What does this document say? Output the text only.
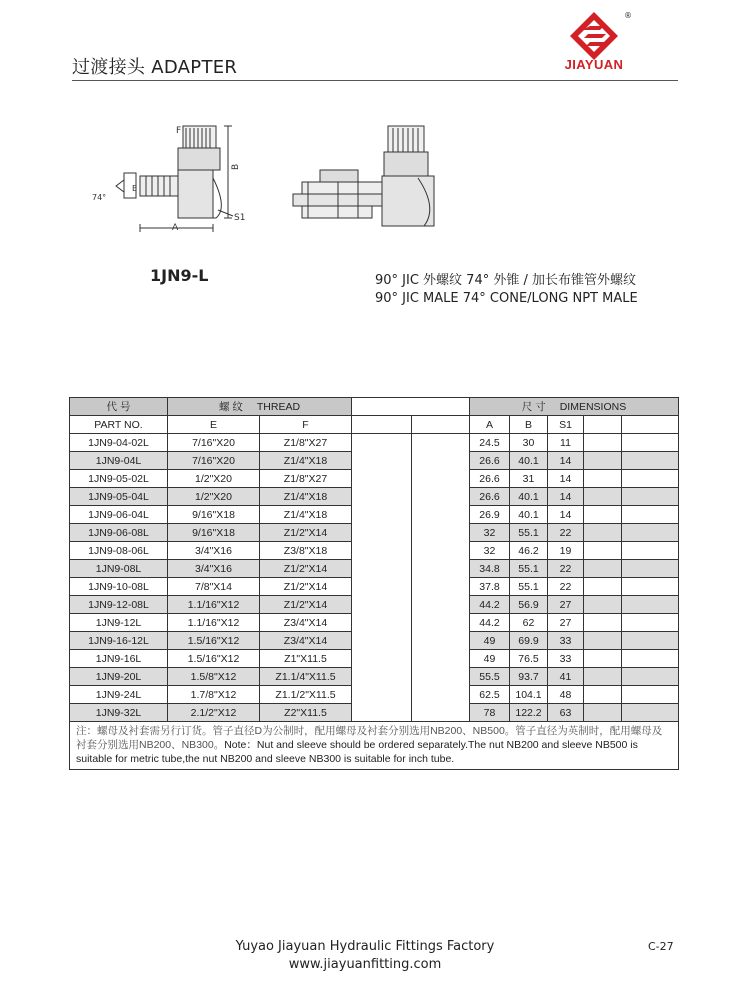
过渡接头 ADAPTER
®
JIAYUAN
F
E
B
A
S1
74°
1JN9-L	90° JIC 外螺纹 74° 外锥 / 加长布锥管外螺纹
90° JIC MALE 74° CONE/LONG NPT MALE
代 号	螺 纹 THREAD				尺 寸 DIMENSIONS				
PART NO.	E	F			A	B	S1		
1JN9-04-02L	7/16"X20	Z1/8"X27			24.5	30	11		
1JN9-04L	7/16"X20	Z1/4"X18			26.6	40.1	14		
1JN9-05-02L	1/2"X20	Z1/8"X27			26.6	31	14		
1JN9-05-04L	1/2"X20	Z1/4"X18			26.6	40.1	14		
1JN9-06-04L	9/16"X18	Z1/4"X18			26.9	40.1	14		
1JN9-06-08L	9/16"X18	Z1/2"X14			32	55.1	22		
1JN9-08-06L	3/4"X16	Z3/8"X18			32	46.2	19		
1JN9-08L	3/4"X16	Z1/2"X14			34.8	55.1	22		
1JN9-10-08L	7/8"X14	Z1/2"X14			37.8	55.1	22		
1JN9-12-08L	1.1/16"X12	Z1/2"X14			44.2	56.9	27		
1JN9-12L	1.1/16"X12	Z3/4"X14			44.2	62	27		
1JN9-16-12L	1.5/16"X12	Z3/4"X14			49	69.9	33		
1JN9-16L	1.5/16"X12	Z1"X11.5			49	76.5	33		
1JN9-20L	1.5/8"X12	Z1.1/4"X11.5			55.5	93.7	41		
1JN9-24L	1.7/8"X12	Z1.1/2"X11.5			62.5	104.1	48		
1JN9-32L	2.1/2"X12	Z2"X11.5			78	122.2	63		
注：螺母及衬套需另行订货。管子直径D为公制时，配用螺母及衬套分别选用NB200、NB500。管子直径为英制时，配用螺母及衬套分别选用NB200、NB300。Note：Nut and sleeve should be ordered separately.The nut NB200 and sleeve NB500 is suitable for metric tube,the nut NB200 and sleeve NB300 is suitable for inch tube.									
Yuyao Jiayuan Hydraulic Fittings Factory
www.jiayuanfitting.com
C-27
